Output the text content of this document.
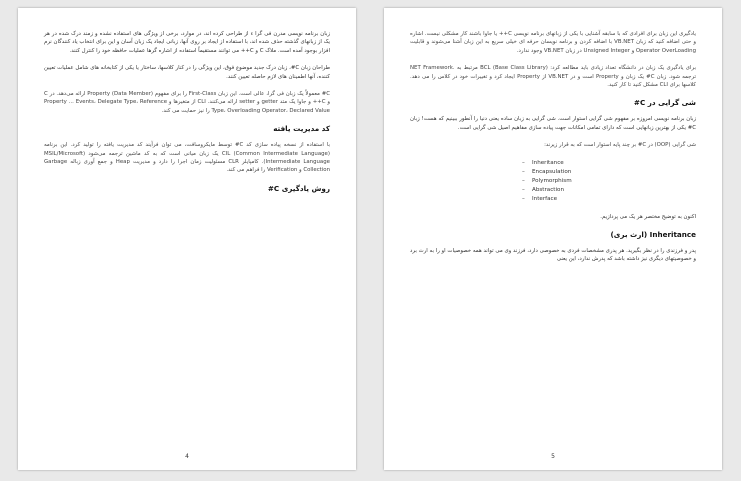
زبان برنامه نویسی مدرن فی گرا ء از طراحی کرده اند، در موارد، برخی از ویژگی های استفاده نشده و زمند درک شده در هر یک از زبانهای گذشته حذف شده اند، با استفاده از ایجاد بر روی آنها، زبانی ایجاد یک زبان آسان و این برای انتخاب یاد کنندگان نرم افزار بوجود آمده است. ملاک C و C++ می توانند مستقیماً استفاده از اشاره گرها عملیات حافظه خود را کنترل کنند.

طراحان زبان C#، زبان درک جدید موضوع فوق، این ویژگی را در کنار کلاسها، ساختار یا یکی از کتابخانه های شامل عملیات تعیین کننده، آنها اطمینان های لازم حاصله تعیین کنند.

C# معمولاً یک زبان فی گرا، عالی است. این زبان First-Class را برای مفهوم (Data Member) Property ارائه می‌دهد. در C و C++ و جاوا یک متد getter و setter ارائه می‌کنند. CLI از متغیر‌ها و Property ... Events، Delegate Type، Reference Type، Overloading Operator، Declared Value را نیز حمایت می کند.

کد مدیریت یافته

با استفاده از نسخه پیاده سازی کد C# توسط مایکروسافت، می توان فرآیند کد مدیریت یافته را تولید کرد. این برنامه (Common Intermediate Language) CIL یک زبان میانی است که به کد ماشین ترجمه می‌شود (MSIL/Microsoft Intermediate Language). کامپایلر CLR مسئولیت زمان اجرا را دارد و مدیریت Heap و جمع آوری زباله Garbage Collection و Verification را فراهم می کند.

روش یادگیری C#
4

یادگیری این زبان برای افرادی که با سابقه آشنایی با یکی از زبانهای برنامه نویسی C++ یا جاوا باشند کار مشکلی نیست. اشاره و حتی اضافه کنید که زبان VB.NET با اضافه کردن و برنامه نویسان حرفه ای خیلی سریع به این زبان آشنا می‌شوند و قابلیت Operator OverLoading و Unsigned Integer در زبان VB.NET وجود ندارد.

برای یادگیری یک زبان در دانشگاه تعداد زیادی باید مطالعه کرد: BCL (Base Class Library) مرتبط به .NET Framework ترجمه شود. زبان C# یک زبان و Property است و در VB.NET از Property ایجاد کرد و تغییرات خود در کلاس را می دهد. کلاسها برای CLI مشکل کنید تا کار کنید.

شی گرایی در C#

زبان برنامه نویسی امروزه بر مفهوم شی گرایی استوار است. شی گرایی به زبان ساده یعنی دنیا را آنطور ببینیم که هست! زبان C# یکی از بهترین زبانهایی است که دارای تمامی امکانات جهت پیاده سازی مفاهیم اصیل شی گرایی است.

شی گرایی (OOP) در C# بر چند پایه استوار است که به قرار زیرند:

– Inheritance
– Encapsulation
– Polymorphism
– Abstraction
– Interface

اکنون به توضیح مختصر هر یک می پردازیم.

Inheritance (ارث بری)

پدر و فرزندی را در نظر بگیرید. هر پدری مشخصات فردی به خصوصی دارد، فرزند وی می تواند همه خصوصیات او را به ارث برد و خصوصیتهای دیگری نیز داشته باشد که پدرش ندارد، این یعنی

5
